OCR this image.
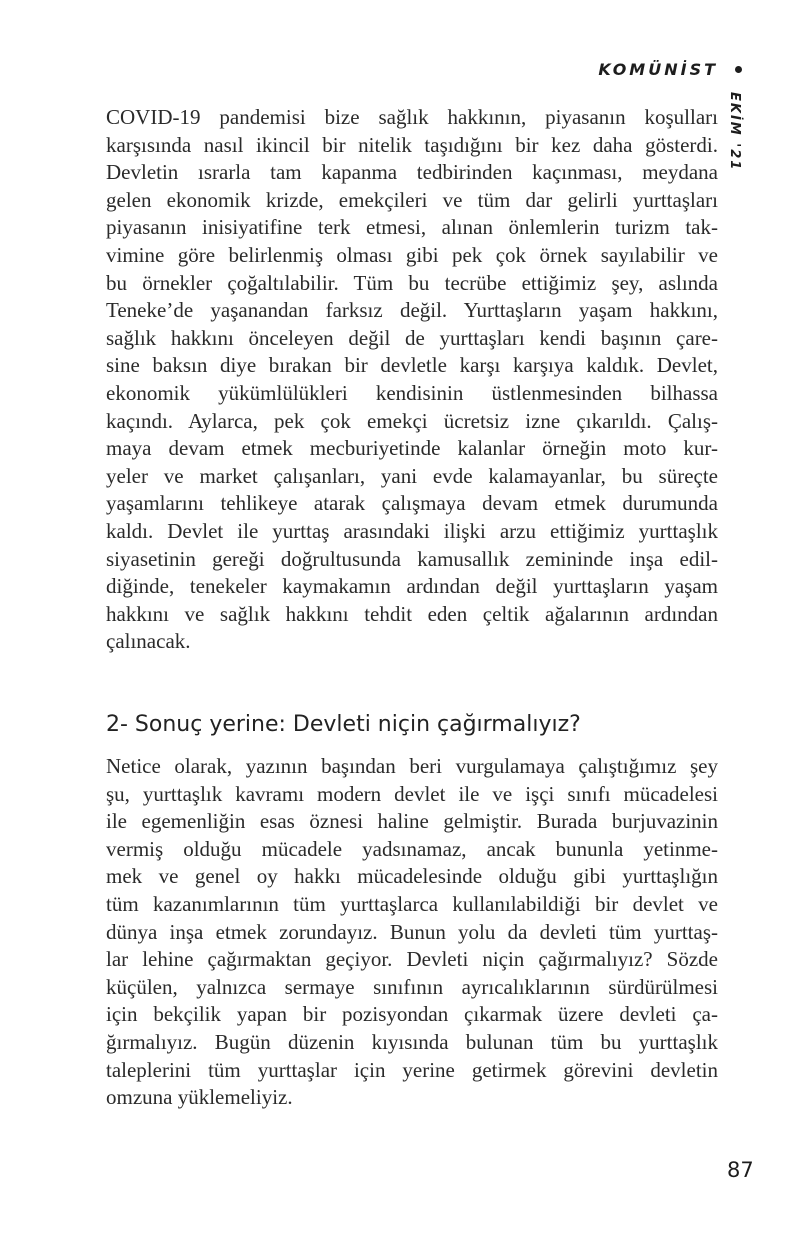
KOMÜNİST
EKİM '21
COVID-19 pandemisi bize sağlık hakkının, piyasanın koşulları
karşısında nasıl ikincil bir nitelik taşıdığını bir kez daha gösterdi.
Devletin ısrarla tam kapanma tedbirinden kaçınması, meydana
gelen ekonomik krizde, emekçileri ve tüm dar gelirli yurttaşları
piyasanın inisiyatifine terk etmesi, alınan önlemlerin turizm tak-
vimine göre belirlenmiş olması gibi pek çok örnek sayılabilir ve
bu örnekler çoğaltılabilir. Tüm bu tecrübe ettiğimiz şey, aslında
Teneke’de yaşanandan farksız değil. Yurttaşların yaşam hakkını,
sağlık hakkını önceleyen değil de yurttaşları kendi başının çare-
sine baksın diye bırakan bir devletle karşı karşıya kaldık. Devlet,
ekonomik yükümlülükleri kendisinin üstlenmesinden bilhassa
kaçındı. Aylarca, pek çok emekçi ücretsiz izne çıkarıldı. Çalış-
maya devam etmek mecburiyetinde kalanlar örneğin moto kur-
yeler ve market çalışanları, yani evde kalamayanlar, bu süreçte
yaşamlarını tehlikeye atarak çalışmaya devam etmek durumunda
kaldı. Devlet ile yurttaş arasındaki ilişki arzu ettiğimiz yurttaşlık
siyasetinin gereği doğrultusunda kamusallık zemininde inşa edil-
diğinde, tenekeler kaymakamın ardından değil yurttaşların yaşam
hakkını ve sağlık hakkını tehdit eden çeltik ağalarının ardından
çalınacak.
2- Sonuç yerine: Devleti niçin çağırmalıyız?
Netice olarak, yazının başından beri vurgulamaya çalıştığımız şey
şu, yurttaşlık kavramı modern devlet ile ve işçi sınıfı mücadelesi
ile egemenliğin esas öznesi haline gelmiştir. Burada burjuvazinin
vermiş olduğu mücadele yadsınamaz, ancak bununla yetinme-
mek ve genel oy hakkı mücadelesinde olduğu gibi yurttaşlığın
tüm kazanımlarının tüm yurttaşlarca kullanılabildiği bir devlet ve
dünya inşa etmek zorundayız. Bunun yolu da devleti tüm yurttaş-
lar lehine çağırmaktan geçiyor. Devleti niçin çağırmalıyız? Sözde
küçülen, yalnızca sermaye sınıfının ayrıcalıklarının sürdürülmesi
için bekçilik yapan bir pozisyondan çıkarmak üzere devleti ça-
ğırmalıyız. Bugün düzenin kıyısında bulunan tüm bu yurttaşlık
taleplerini tüm yurttaşlar için yerine getirmek görevini devletin
omzuna yüklemeliyiz.
87
